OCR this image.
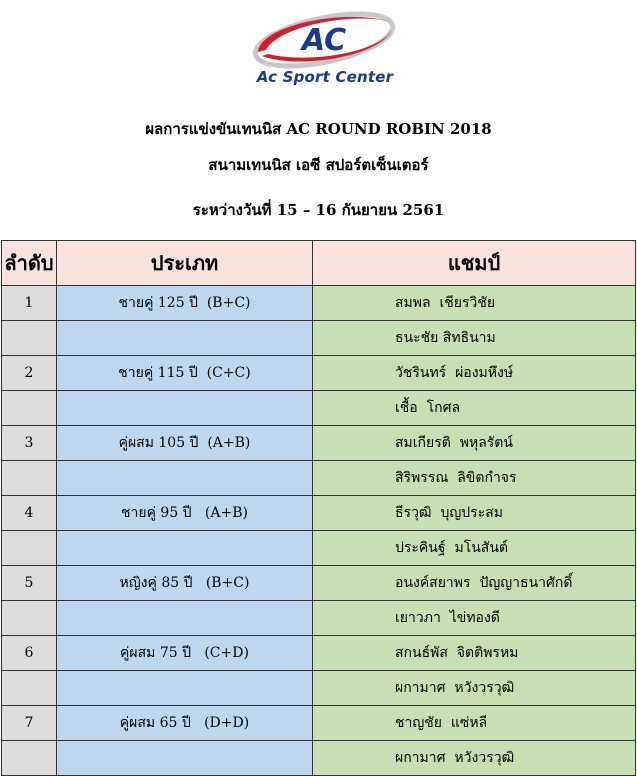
AC
Ac Sport Center
ผลการแข่งขันเทนนิส AC ROUND ROBIN 2018
สนามเทนนิส เอซี สปอร์ตเซ็นเตอร์
ระหว่างวันที่ 15 – 16 กันยายน 2561
ลำดับ	ประเภท	แชมป์
1	ชายคู่ 125 ปี  (B+C)	สมพล  เชียรวิชัย
		ธนะชัย สิทธินาม
2	ชายคู่ 115 ปี  (C+C)	วัชรินทร์  ผ่องมหึงษ์
		เชื้อ  โกศล
3	คู่ผสม 105 ปี  (A+B)	สมเกียรติ  พหุลรัตน์
		สิริพรรณ  ลิขิตกำจร
4	ชายคู่ 95 ปี   (A+B)	ธีรวุฒิ  บุญประสม
		ประคินฐ์  มโนสันต์
5	หญิงคู่ 85 ปี   (B+C)	อนงค์สยาพร  ปัญญาธนาศักดิ์
		เยาวภา  ไข่ทองดี
6	คู่ผสม 75 ปี   (C+D)	สกนธ์พัส  จิตติพรหม
		ผกามาศ  หวังวรวุฒิ
7	คู่ผสม 65 ปี   (D+D)	ชาญชัย  แซ่หลี
		ผกามาศ  หวังวรวุฒิ
